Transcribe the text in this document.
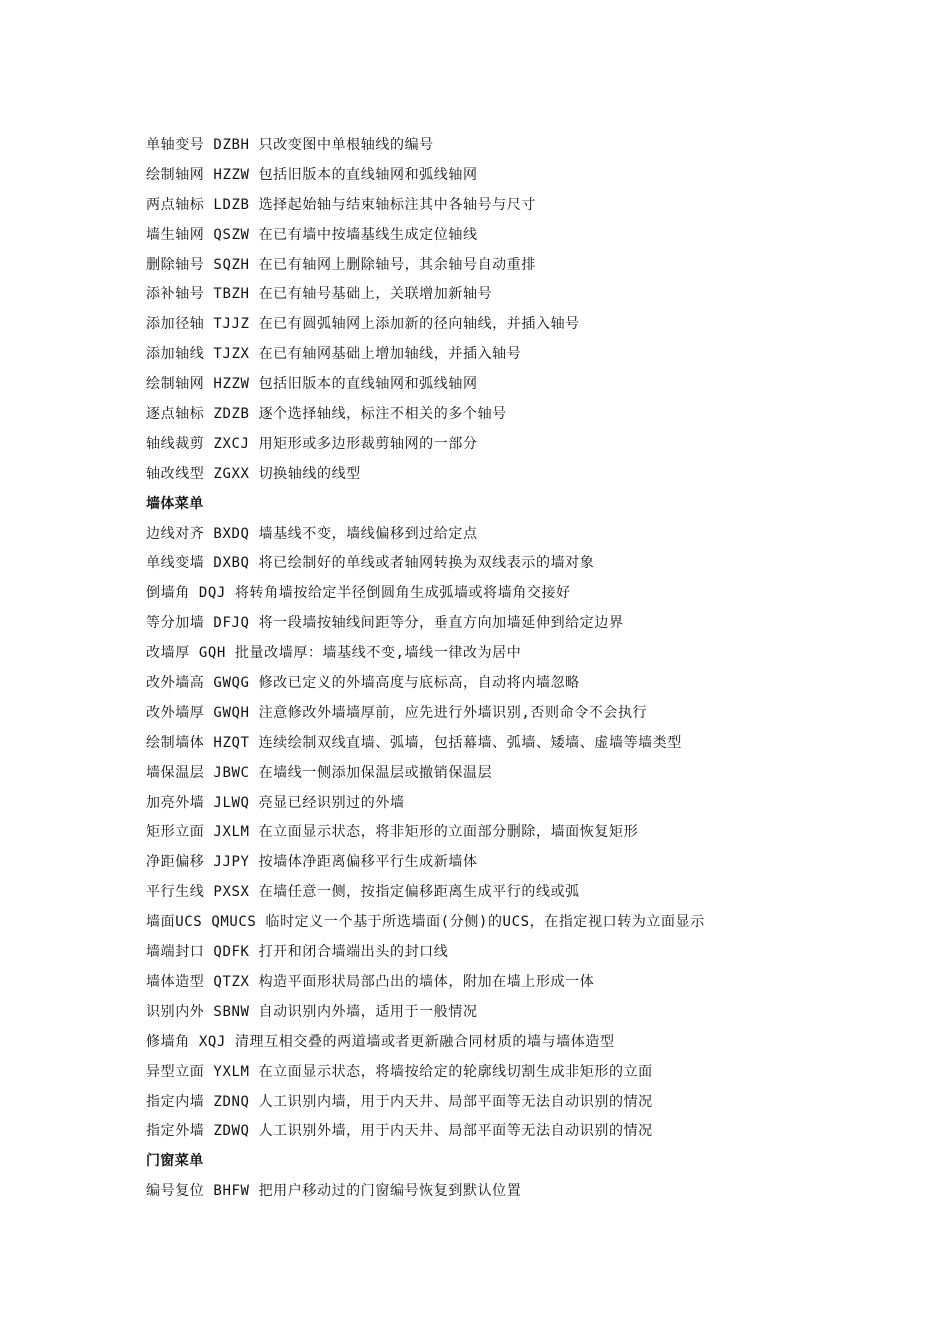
单轴变号 DZBH 只改变图中单根轴线的编号
绘制轴网 HZZW 包括旧版本的直线轴网和弧线轴网
两点轴标 LDZB 选择起始轴与结束轴标注其中各轴号与尺寸
墙生轴网 QSZW 在已有墙中按墙基线生成定位轴线
删除轴号 SQZH 在已有轴网上删除轴号，其余轴号自动重排
添补轴号 TBZH 在已有轴号基础上，关联增加新轴号
添加径轴 TJJZ 在已有圆弧轴网上添加新的径向轴线，并插入轴号
添加轴线 TJZX 在已有轴网基础上增加轴线，并插入轴号
绘制轴网 HZZW 包括旧版本的直线轴网和弧线轴网
逐点轴标 ZDZB 逐个选择轴线，标注不相关的多个轴号
轴线裁剪 ZXCJ 用矩形或多边形裁剪轴网的一部分
轴改线型 ZGXX 切换轴线的线型
墙体菜单
边线对齐 BXDQ 墙基线不变，墙线偏移到过给定点
单线变墙 DXBQ 将已绘制好的单线或者轴网转换为双线表示的墙对象
倒墙角 DQJ 将转角墙按给定半径倒圆角生成弧墙或将墙角交接好
等分加墙 DFJQ 将一段墙按轴线间距等分，垂直方向加墙延伸到给定边界
改墙厚 GQH 批量改墙厚：墙基线不变,墙线一律改为居中
改外墙高 GWQG 修改已定义的外墙高度与底标高，自动将内墙忽略
改外墙厚 GWQH 注意修改外墙墙厚前，应先进行外墙识别,否则命令不会执行
绘制墙体 HZQT 连续绘制双线直墙、弧墙，包括幕墙、弧墙、矮墙、虚墙等墙类型
墙保温层 JBWC 在墙线一侧添加保温层或撤销保温层
加亮外墙 JLWQ 亮显已经识别过的外墙
矩形立面 JXLM 在立面显示状态，将非矩形的立面部分删除，墙面恢复矩形
净距偏移 JJPY 按墙体净距离偏移平行生成新墙体
平行生线 PXSX 在墙任意一侧，按指定偏移距离生成平行的线或弧
墙面UCS QMUCS 临时定义一个基于所选墙面(分侧)的UCS，在指定视口转为立面显示
墙端封口 QDFK 打开和闭合墙端出头的封口线
墙体造型 QTZX 构造平面形状局部凸出的墙体，附加在墙上形成一体
识别内外 SBNW 自动识别内外墙，适用于一般情况
修墙角 XQJ 清理互相交叠的两道墙或者更新融合同材质的墙与墙体造型
异型立面 YXLM 在立面显示状态，将墙按给定的轮廓线切割生成非矩形的立面
指定内墙 ZDNQ 人工识别内墙，用于内天井、局部平面等无法自动识别的情况
指定外墙 ZDWQ 人工识别外墙，用于内天井、局部平面等无法自动识别的情况
门窗菜单
编号复位 BHFW 把用户移动过的门窗编号恢复到默认位置
